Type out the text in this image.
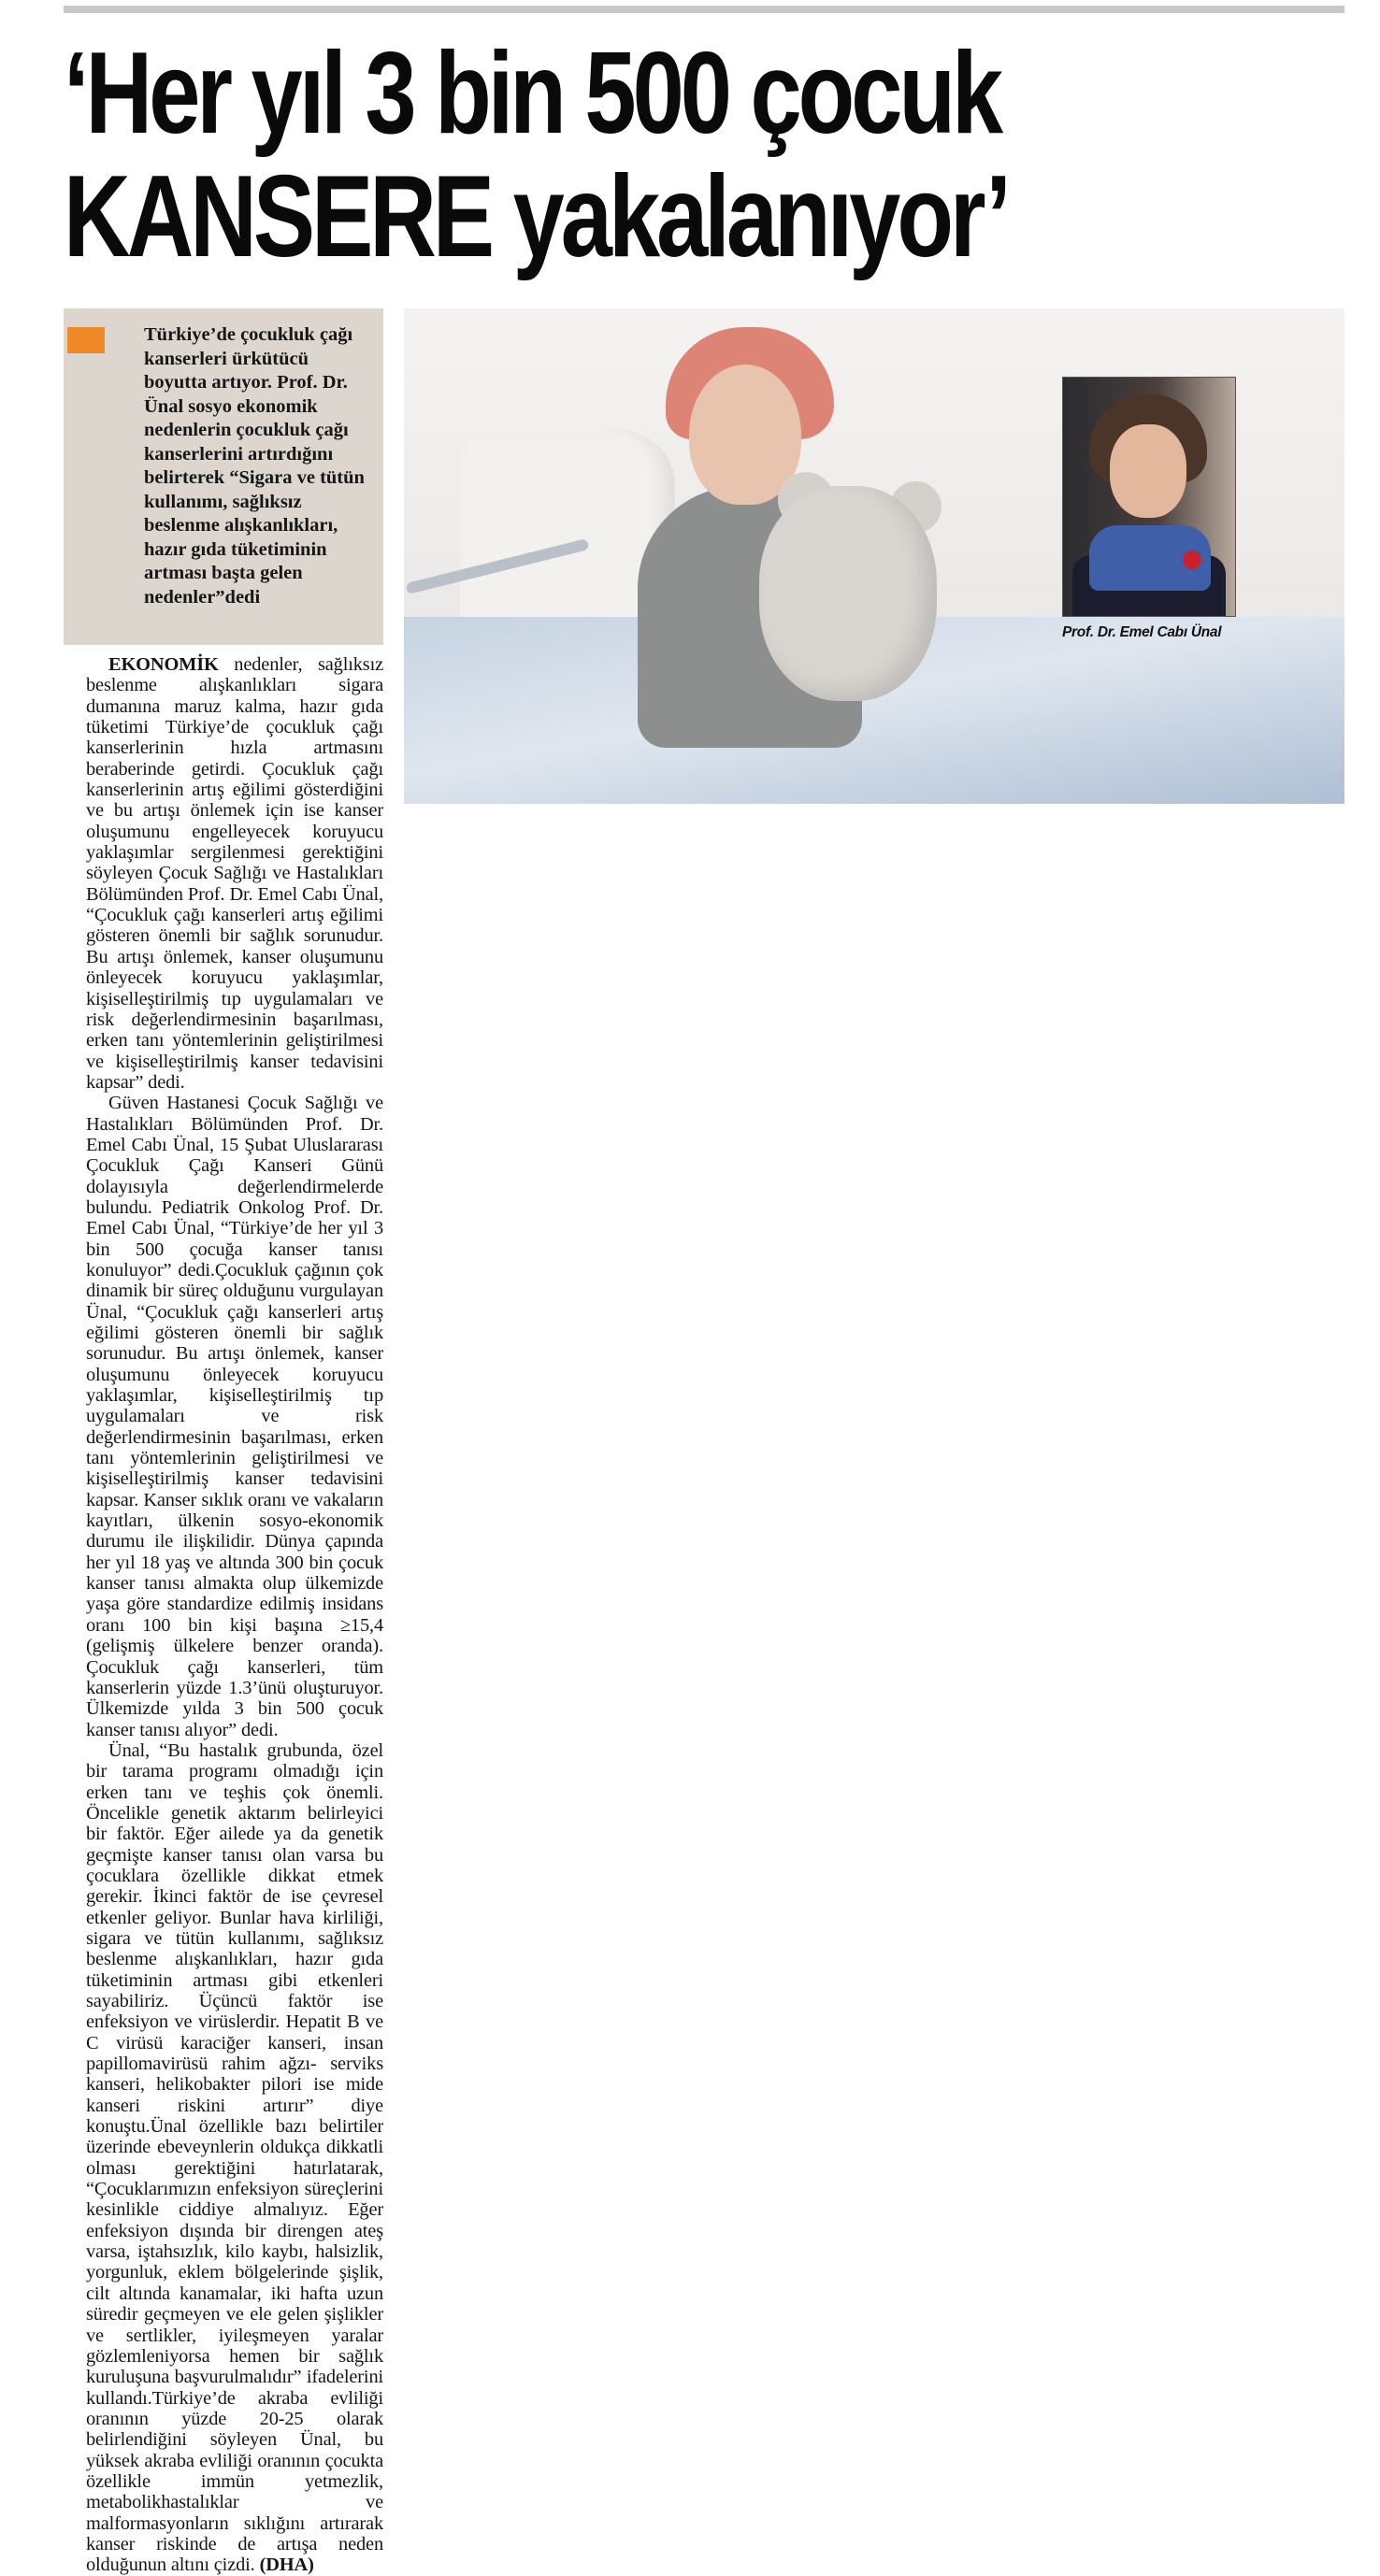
‘Her yıl 3 bin 500 çocuk
KANSERE yakalanıyor’
Türkiye’de çocukluk çağı kanserleri ürkütücü boyutta artıyor. Prof. Dr. Ünal sosyo ekonomik nedenlerin çocukluk çağı kanserlerini artırdığını belirterek “Sigara ve tütün kullanımı, sağlıksız beslenme alışkanlıkları, hazır gıda tüketiminin artması başta gelen nedenler”dedi
Prof. Dr. Emel Cabı Ünal

EKONOMİK nedenler, sağlıksız beslenme alışkanlıkları sigara dumanına maruz kalma, hazır gıda tüketimi Türkiye’de çocukluk çağı kanserlerinin hızla artmasını beraberinde getirdi. Çocukluk çağı kanserlerinin artış eğilimi gösterdiğini ve bu artışı önlemek için ise kanser oluşumunu engelleyecek koruyucu yaklaşımlar sergilenmesi gerektiğini söyleyen Çocuk Sağlığı ve Hastalıkları Bölümünden Prof. Dr. Emel Cabı Ünal, “Çocukluk çağı kanserleri artış eğilimi gösteren önemli bir sağlık sorunudur. Bu artışı önlemek, kanser oluşumunu önleyecek koruyucu yaklaşımlar, kişiselleştirilmiş tıp uygulamaları ve risk değerlendirmesinin başarılması, erken tanı yöntemlerinin geliştirilmesi ve kişiselleştirilmiş kanser tedavisini kapsar” dedi.

Güven Hastanesi Çocuk Sağlığı ve Hastalıkları Bölümünden Prof. Dr. Emel Cabı Ünal, 15 Şubat Uluslararası Çocukluk Çağı Kanseri Günü dolayısıyla değerlendirmelerde bulundu. Pediatrik Onkolog Prof. Dr. Emel Cabı Ünal, “Türkiye’de her yıl 3 bin 500 çocuğa kanser tanısı konuluyor” dedi.Çocukluk çağının çok dinamik bir süreç olduğunu vurgulayan Ünal, “Çocukluk çağı kanserleri artış eğilimi gösteren önemli bir sağlık sorunudur. Bu artışı önlemek, kanser oluşumunu önleyecek koruyucu yaklaşımlar, kişiselleştirilmiş tıp uygulamaları ve risk değerlendirmesinin başarılması, erken tanı yöntemlerinin geliştirilmesi ve kişiselleştirilmiş kanser tedavisini kapsar. Kanser sıklık oranı ve vakaların kayıtları, ülkenin sosyo-ekonomik durumu ile ilişkilidir. Dünya çapında her yıl 18 yaş ve altında 300 bin çocuk kanser tanısı almakta olup ülkemizde yaşa göre standardize edilmiş insidans oranı 100 bin kişi başına ≥15,4 (gelişmiş ülkelere benzer oranda). Çocukluk çağı kanserleri, tüm kanserlerin yüzde 1.3’ünü oluşturuyor. Ülkemizde yılda 3 bin 500 çocuk kanser tanısı alıyor” dedi.

Ünal, “Bu hastalık grubunda, özel bir tarama programı olmadığı için erken tanı ve teşhis çok önemli. Öncelikle genetik aktarım belirleyici bir faktör. Eğer ailede ya da genetik geçmişte kanser tanısı olan varsa bu çocuklara özellikle dikkat etmek gerekir. İkinci faktör de ise çevresel etkenler geliyor. Bunlar hava kirliliği, sigara ve tütün kullanımı, sağlıksız beslenme alışkanlıkları, hazır gıda tüketiminin artması gibi etkenleri sayabiliriz. Üçüncü faktör ise enfeksiyon ve virüslerdir. Hepatit B ve C virüsü karaciğer kanseri, insan papillomavirüsü rahim ağzı- serviks kanseri, helikobakter pilori ise mide kanseri riskini artırır” diye konuştu.Ünal özellikle bazı belirtiler üzerinde ebeveynlerin oldukça dikkatli olması gerektiğini hatırlatarak, “Çocuklarımızın enfeksiyon süreçlerini kesinlikle ciddiye almalıyız. Eğer enfeksiyon dışında bir direngen ateş varsa, iştahsızlık, kilo kaybı, halsizlik, yorgunluk, eklem bölgelerinde şişlik, cilt altında kanamalar, iki hafta uzun süredir geçmeyen ve ele gelen şişlikler ve sertlikler, iyileşmeyen yaralar gözlemleniyorsa hemen bir sağlık kuruluşuna başvurulmalıdır” ifadelerini kullandı.Türkiye’de akraba evliliği oranının yüzde 20-25 olarak belirlendiğini söyleyen Ünal, bu yüksek akraba evliliği oranının çocukta özellikle immün yetmezlik, metabolikhastalıklar ve malformasyonların sıklığını artırarak kanser riskinde de artışa neden olduğunun altını çizdi. (DHA)
